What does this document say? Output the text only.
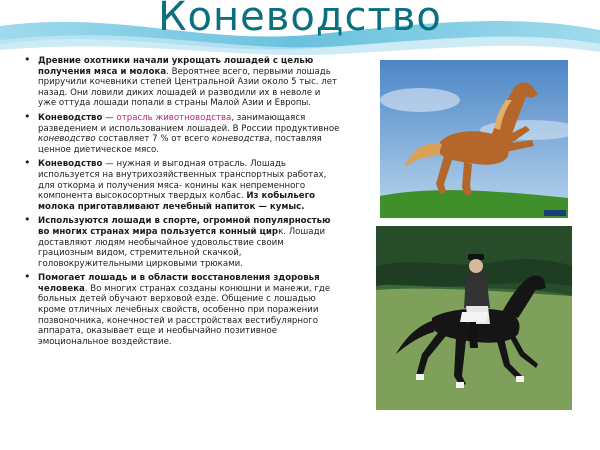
Коневодство
• Древние охотники начали укрощать лошадей с целью получения мяса и молока. Вероятнее всего, первыми лошадь приручили кочевники степей Центральной Азии около 5 тыс. лет назад. Они ловили диких лошадей и разводили их в неволе и уже оттуда лошади попали в страны Малой Азии и Европы.
• Коневодство — отрасль животноводства, занимающаяся разведением и использованием лошадей. В России продуктивное коневодство составляет 7 % от всего коневодства, поставляя ценное диетическое мясо.
• Коневодство — нужная и выгодная отрасль. Лошадь используется на внутрихозяйственных транспортных работах, для откорма и получения мяса- конины как непременного компонента высокосортных твердых колбас. Из кобыльего молока приготавливают лечебный напиток — кумыс.
• Используются лошади в спорте, огромной популярностью во многих странах мира пользуется конный цирк. Лошади доставляют людям необычайное удовольствие своим грациозным видом, стремительной скачкой, головокружительными цирковыми трюками.
• Помогает лошадь и в области восстановления здоровья человека. Во многих странах созданы конюшни и манежи, где больных детей обучают верховой езде. Общение с лошадью кроме отличных лечебных свойств, особенно при поражении позвоночника, конечностей и расстройствах вестибулярного аппарата, оказывает еще и необычайно позитивное эмоциональное воздействие.
